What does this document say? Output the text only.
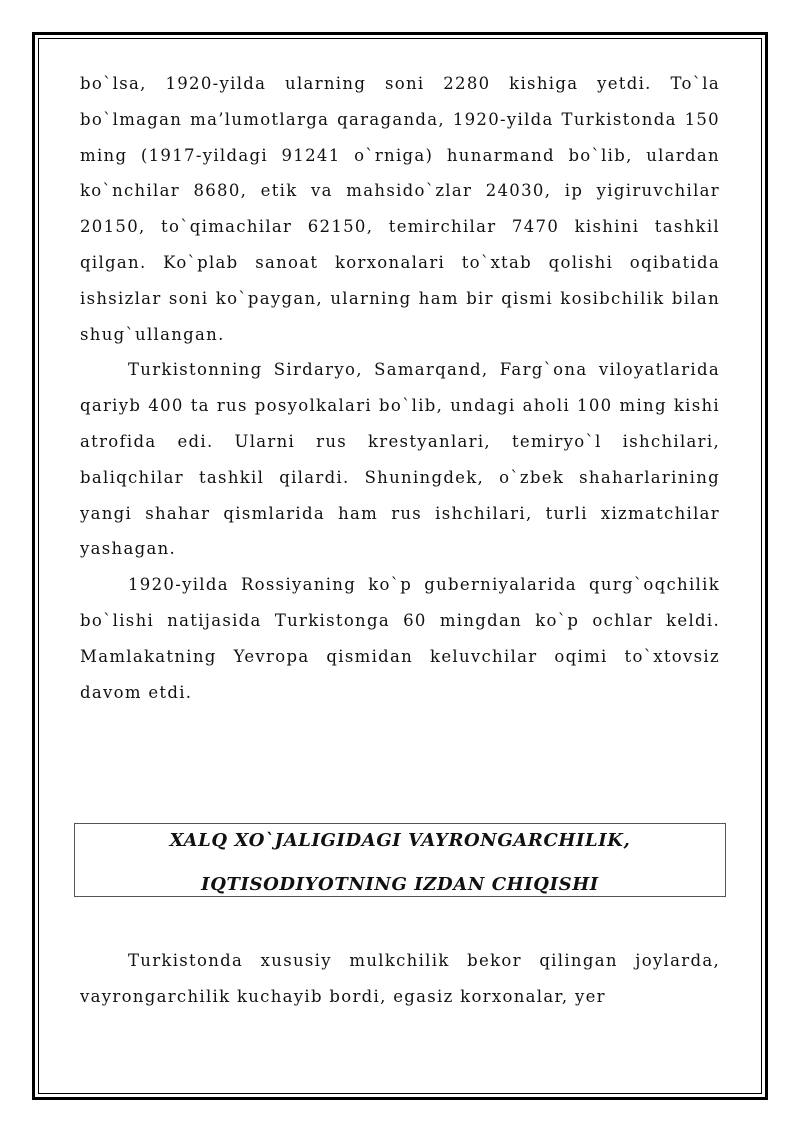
bo`lsa, 1920-yilda ularning soni 2280 kishiga yetdi. To`la bo`lmagan ma’lumotlarga qaraganda, 1920-yilda Turkistonda 150 ming (1917-yildagi 91241 o`rniga) hunarmand bo`lib, ulardan ko`nchilar 8680, etik va mahsido`zlar 24030, ip yigiruvchilar 20150, to`qimachilar 62150, temirchilar 7470 kishini tashkil qilgan. Ko`plab sanoat korxonalari to`xtab qolishi oqibatida ishsizlar soni ko`paygan, ularning ham bir qismi kosibchilik bilan shug`ullangan.

Turkistonning Sirdaryo, Samarqand, Farg`ona viloyatlarida qariyb 400 ta rus posyolkalari bo`lib, undagi aholi 100 ming kishi atrofida edi. Ularni rus krestyanlari, temiryo`l ishchilari, baliqchilar tashkil qilardi. Shuningdek, o`zbek shaharlarining yangi shahar qismlarida ham rus ishchilari, turli xizmatchilar yashagan.

1920-yilda Rossiyaning ko`p guberniyalarida qurg`oqchilik bo`lishi natijasida Turkistonga 60 mingdan ko`p ochlar keldi. Mamlakatning Yevropa qismidan keluvchilar oqimi to`xtovsiz davom etdi.

XALQ XO`JALIGIDAGI VAYRONGARCHILIK,
IQTISODIYOTNING IZDAN CHIQISHI

Turkistonda xususiy mulkchilik bekor qilingan joylarda, vayrongarchilik kuchayib bordi, egasiz korxonalar, yer
